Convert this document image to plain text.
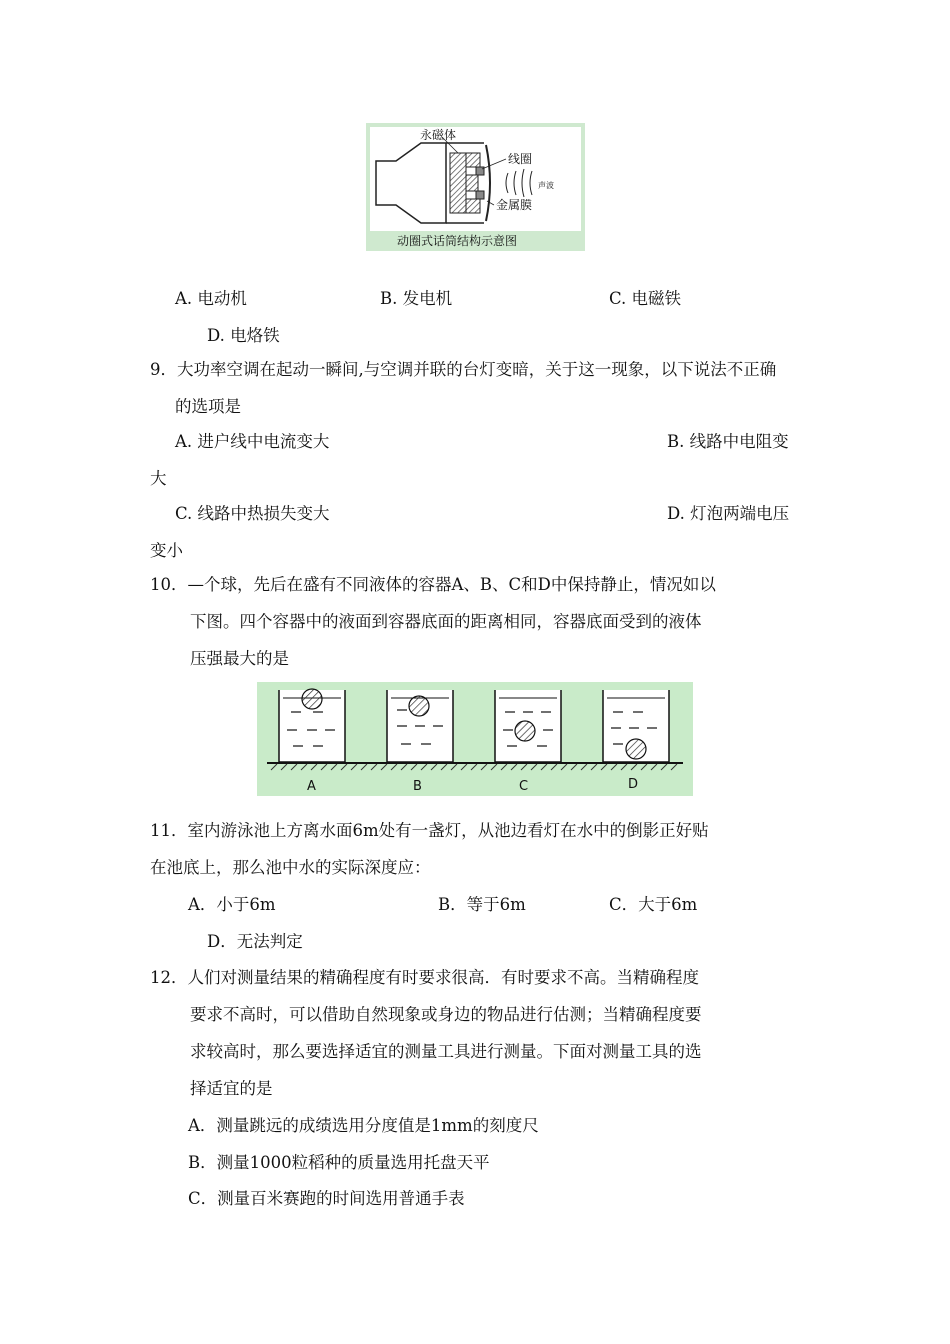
永磁体
线圈
声波
金属膜
动圈式话筒结构示意图
A. 电动机	B. 发电机	C. 电磁铁
D. 电烙铁
9．大功率空调在起动一瞬间,与空调并联的台灯变暗，关于这一现象，以下说法不正确
的选项是
A. 进户线中电流变大	B. 线路中电阻变
大
C. 线路中热损失变大	D. 灯泡两端电压
变小
10．—个球，先后在盛有不同液体的容器A、B、C和D中保持静止，情况如以
下图。四个容器中的液面到容器底面的距离相同，容器底面受到的液体
压强最大的是
A	B	C	D
11．室内游泳池上方离水面6m处有一盏灯，从池边看灯在水中的倒影正好贴
在池底上，那么池中水的实际深度应：
A．小于6m	B．等于6m	C．大于6m
D．无法判定
12．人们对测量结果的精确程度有时要求很高．有时要求不高。当精确程度
要求不高时，可以借助自然现象或身边的物品进行估测；当精确程度要
求较高时，那么要选择适宜的测量工具进行测量。下面对测量工具的选
择适宜的是
A．测量跳远的成绩选用分度值是1mm的刻度尺
B．测量1000粒稻种的质量选用托盘天平
C．测量百米赛跑的时间选用普通手表
